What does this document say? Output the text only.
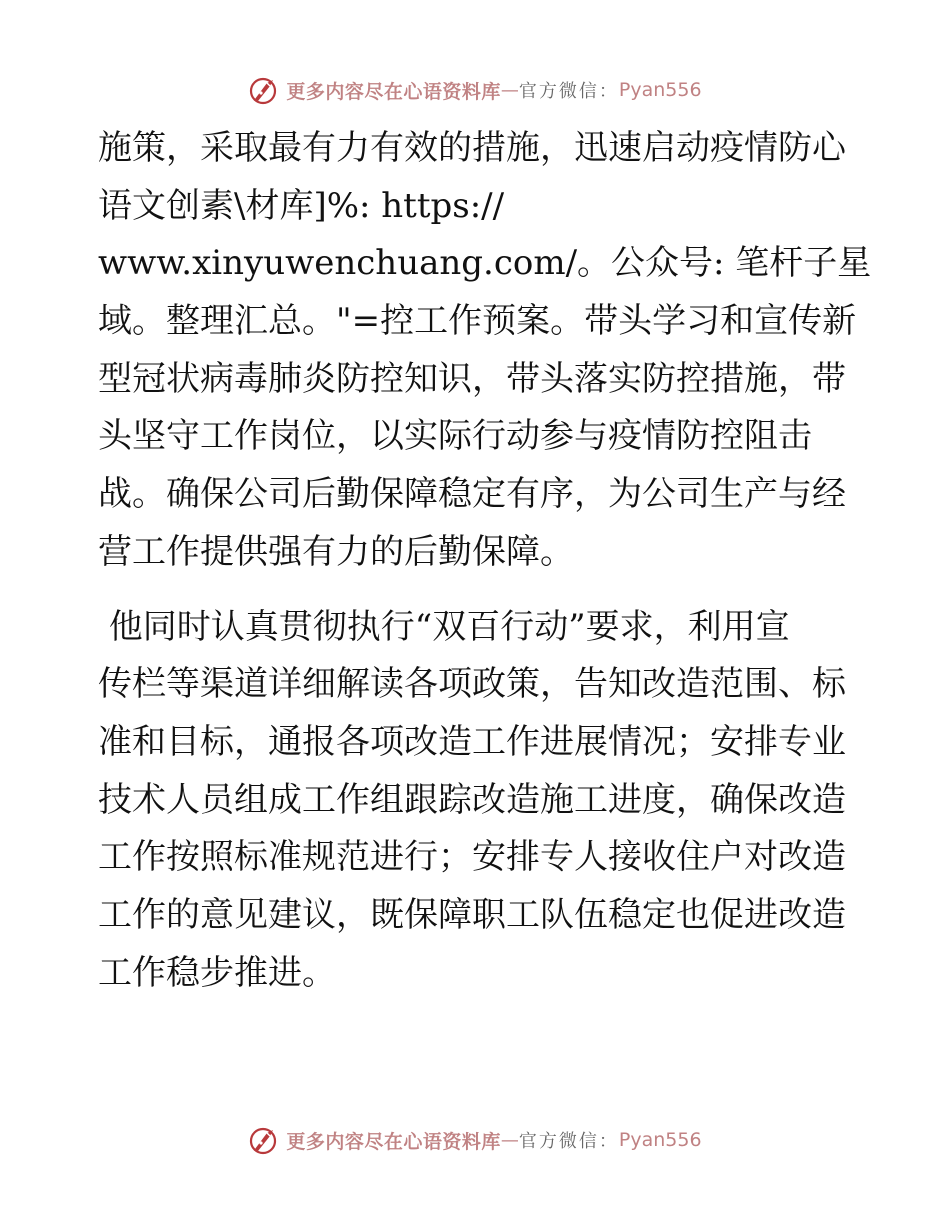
更多内容尽在心语资料库 — 官方微信： Pyan556
施策，采取最有力有效的措施，迅速启动疫情防心
语文创素\材库]%: https://
www.xinyuwenchuang.com/。公众号: 笔杆子星
域。整理汇总。"=控工作预案。带头学习和宣传新
型冠状病毒肺炎防控知识，带头落实防控措施，带
头坚守工作岗位，以实际行动参与疫情防控阻击
战。确保公司后勤保障稳定有序，为公司生产与经
营工作提供强有力的后勤保障。
他同时认真贯彻执行“双百行动”要求，利用宣
传栏等渠道详细解读各项政策，告知改造范围、标
准和目标，通报各项改造工作进展情况；安排专业
技术人员组成工作组跟踪改造施工进度，确保改造
工作按照标准规范进行；安排专人接收住户对改造
工作的意见建议，既保障职工队伍稳定也促进改造
工作稳步推进。
更多内容尽在心语资料库 — 官方微信： Pyan556
